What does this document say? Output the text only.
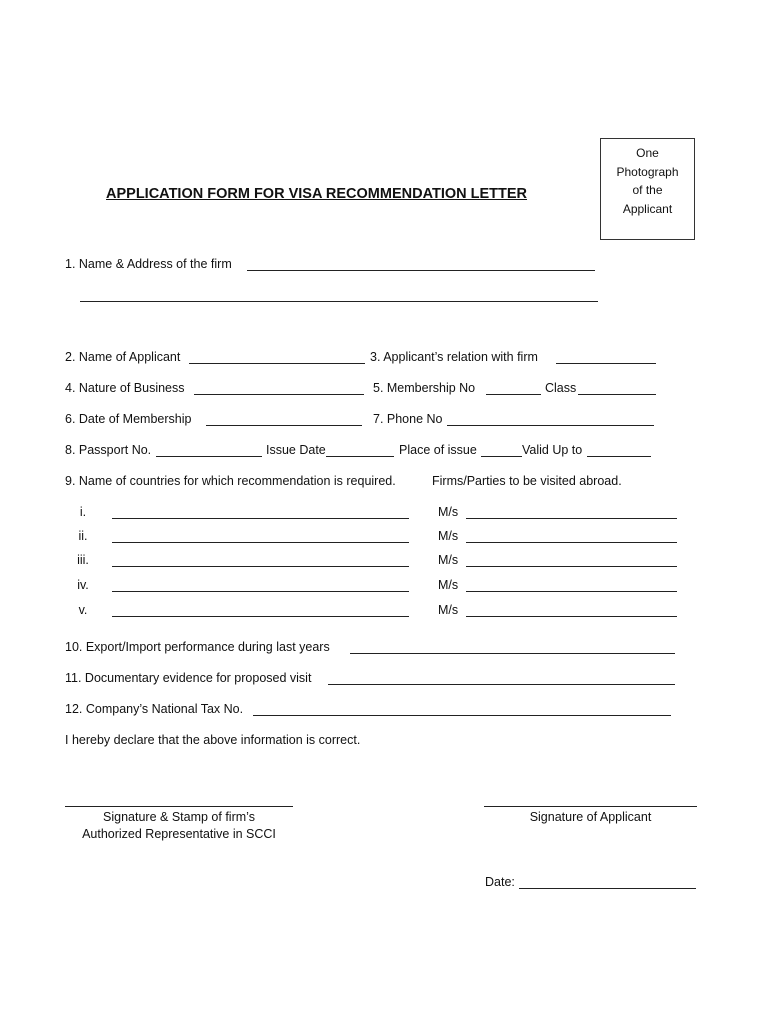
One
Photograph
of the
Applicant
APPLICATION FORM FOR VISA RECOMMENDATION LETTER
1. Name & Address of the firm
2. Name of Applicant	3. Applicant’s relation with firm
4. Nature of Business	5. Membership No	Class
6. Date of Membership	7. Phone No
8. Passport No.	Issue Date	Place of issue	Valid Up to
9. Name of countries for which recommendation is required.	Firms/Parties to be visited abroad.
i.	M/s
ii.	M/s
iii.	M/s
iv.	M/s
v.	M/s
10. Export/Import performance during last years
11. Documentary evidence for proposed visit
12. Company’s National Tax No.
I hereby declare that the above information is correct.
Signature & Stamp of firm’s
Authorized Representative in SCCI
Signature of Applicant
Date:
